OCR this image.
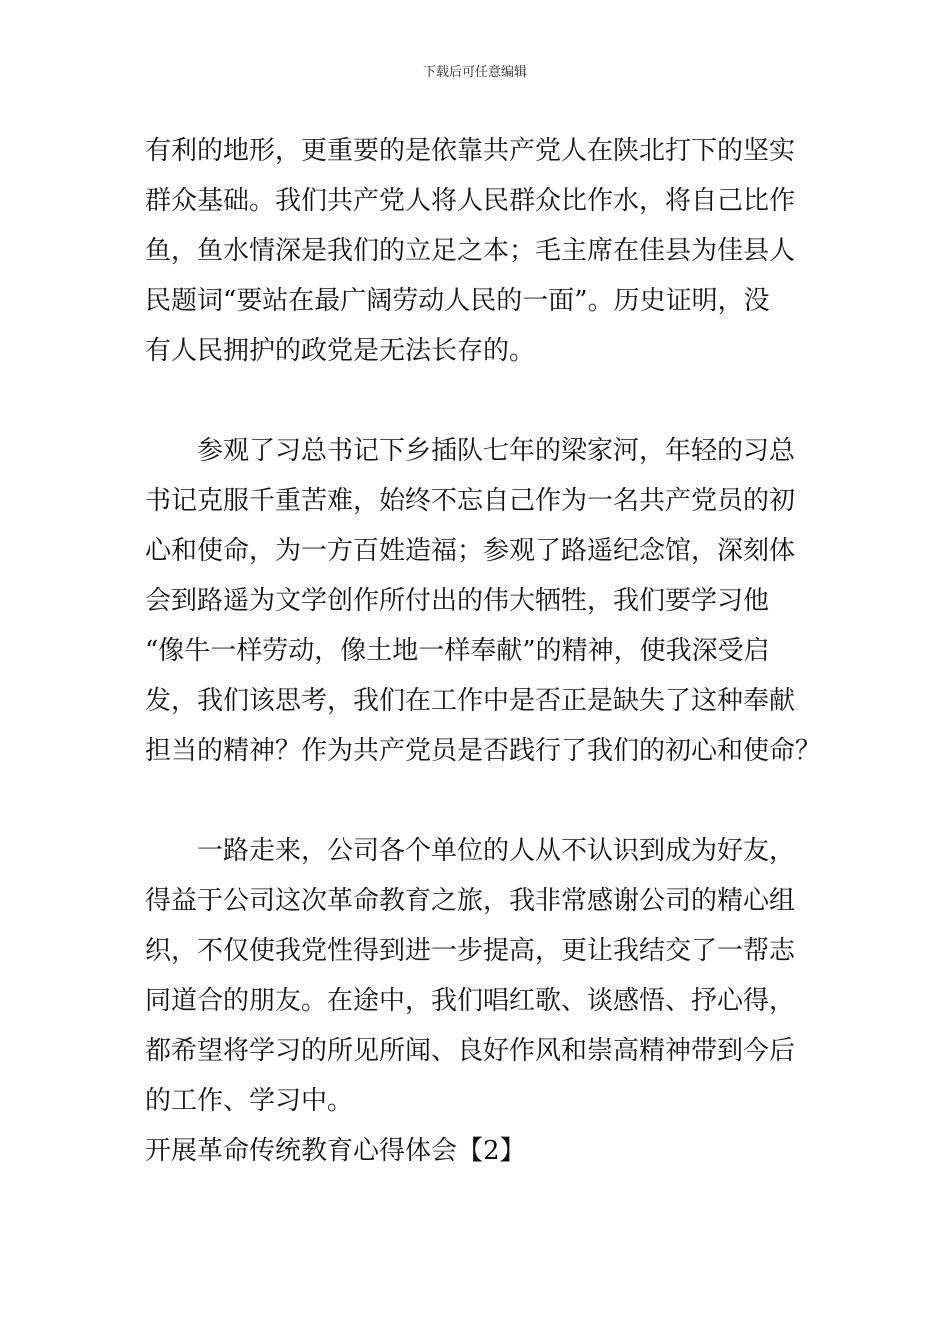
下载后可任意编辑
有利的地形，更重要的是依靠共产党人在陕北打下的坚实
群众基础。我们共产党人将人民群众比作水，将自己比作
鱼，鱼水情深是我们的立足之本；毛主席在佳县为佳县人
民题词“要站在最广阔劳动人民的一面”。历史证明，没
有人民拥护的政党是无法长存的。
　　参观了习总书记下乡插队七年的梁家河，年轻的习总
书记克服千重苦难，始终不忘自己作为一名共产党员的初
心和使命，为一方百姓造福；参观了路遥纪念馆，深刻体
会到路遥为文学创作所付出的伟大牺牲，我们要学习他
“像牛一样劳动，像土地一样奉献”的精神，使我深受启
发，我们该思考，我们在工作中是否正是缺失了这种奉献
担当的精神？作为共产党员是否践行了我们的初心和使命？
　　一路走来，公司各个单位的人从不认识到成为好友，
得益于公司这次革命教育之旅，我非常感谢公司的精心组
织，不仅使我党性得到进一步提高，更让我结交了一帮志
同道合的朋友。在途中，我们唱红歌、谈感悟、抒心得，
都希望将学习的所见所闻、良好作风和崇高精神带到今后
的工作、学习中。
开展革命传统教育心得体会【2】
